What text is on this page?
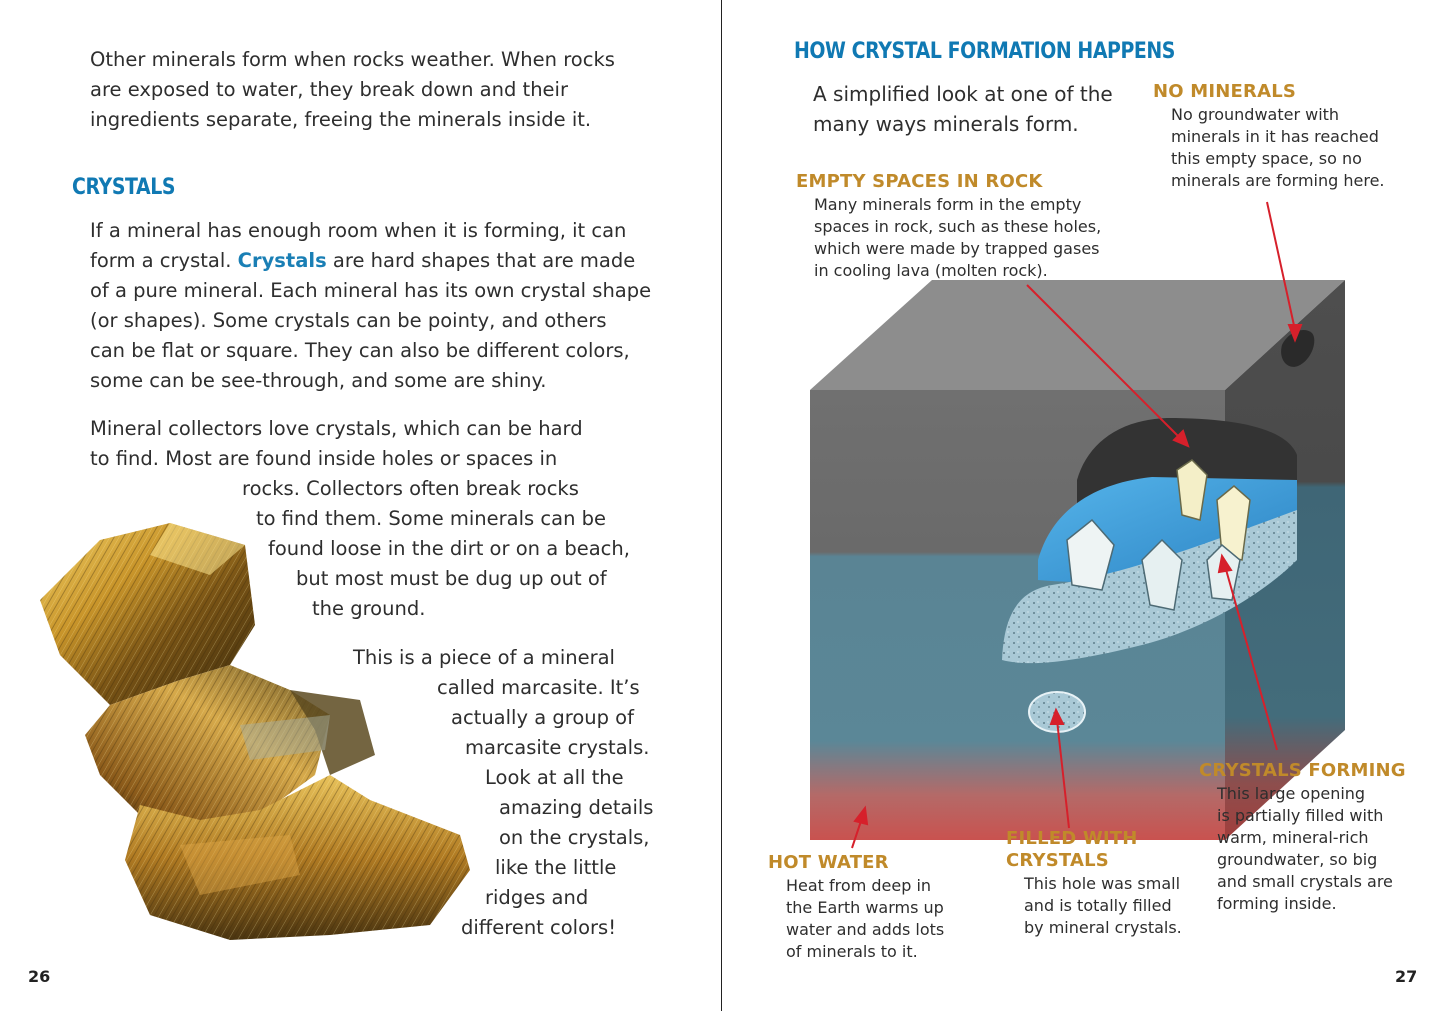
Other minerals form when rocks weather. When rocks
are exposed to water, they break down and their
ingredients separate, freeing the minerals inside it.
CRYSTALS
If a mineral has enough room when it is forming, it can
form a crystal. Crystals are hard shapes that are made
of a pure mineral. Each mineral has its own crystal shape
(or shapes). Some crystals can be pointy, and others
can be flat or square. They can also be different colors,
some can be see-through, and some are shiny.
Mineral collectors love crystals, which can be hard
to find. Most are found inside holes or spaces in
rocks. Collectors often break rocks
to find them. Some minerals can be
found loose in the dirt or on a beach,
but most must be dug up out of
the ground.
This is a piece of a mineral
called marcasite. It’s
actually a group of
marcasite crystals.
Look at all the
amazing details
on the crystals,
like the little
ridges and
different colors!
26
HOW CRYSTAL FORMATION HAPPENS
A simplified look at one of the
many ways minerals form.
NO MINERALS
No groundwater with
minerals in it has reached
this empty space, so no
minerals are forming here.
EMPTY SPACES IN ROCK
Many minerals form in the empty
spaces in rock, such as these holes,
which were made by trapped gases
in cooling lava (molten rock).
CRYSTALS FORMING
This large opening
is partially filled with
warm, mineral-rich
groundwater, so big
and small crystals are
forming inside.
FILLED WITH
CRYSTALS
This hole was small
and is totally filled
by mineral crystals.
HOT WATER
Heat from deep in
the Earth warms up
water and adds lots
of minerals to it.
27
